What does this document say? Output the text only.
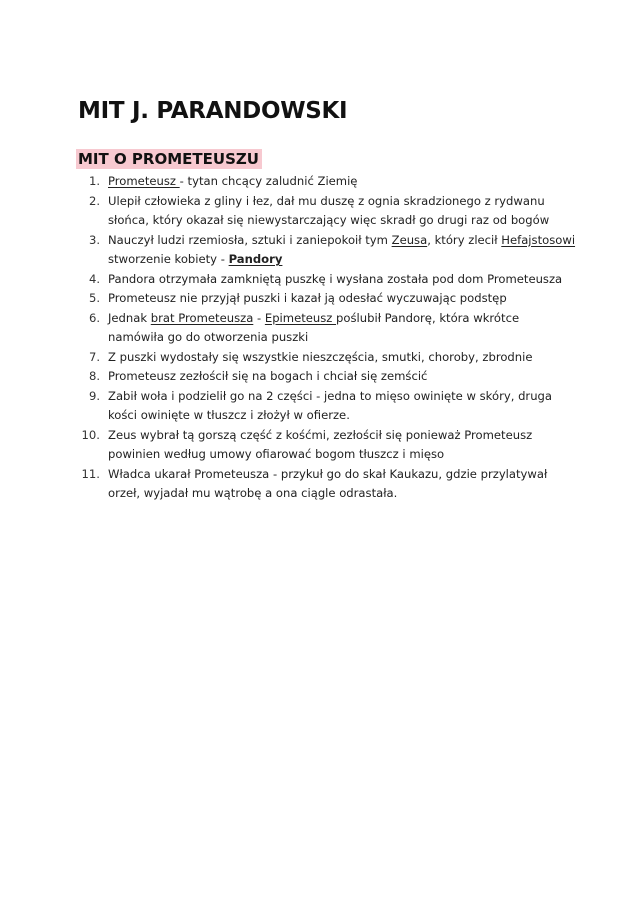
MIT J. PARANDOWSKI
MIT O PROMETEUSZU
1. Prometeusz - tytan chcący zaludnić Ziemię
2. Ulepił człowieka z gliny i łez, dał mu duszę z ognia skradzionego z rydwanu słońca, który okazał się niewystarczający więc skradł go drugi raz od bogów
3. Nauczył ludzi rzemiosła, sztuki i zaniepokoił tym Zeusa, który zlecił Hefajstosowi stworzenie kobiety - Pandory
4. Pandora otrzymała zamkniętą puszkę i wysłana została pod dom Prometeusza
5. Prometeusz nie przyjął puszki i kazał ją odesłać wyczuwając podstęp
6. Jednak brat Prometeusza - Epimeteusz poślubił Pandorę, która wkrótce namówiła go do otworzenia puszki
7. Z puszki wydostały się wszystkie nieszczęścia, smutki, choroby, zbrodnie
8. Prometeusz zezłościł się na bogach i chciał się zemścić
9. Zabił woła i podzielił go na 2 części - jedna to mięso owinięte w skóry, druga kości owinięte w tłuszcz i złożył w ofierze.
10. Zeus wybrał tą gorszą część z kośćmi, zezłościł się ponieważ Prometeusz powinien według umowy ofiarować bogom tłuszcz i mięso
11. Władca ukarał Prometeusza - przykuł go do skał Kaukazu, gdzie przylatywał orzeł, wyjadał mu wątrobę a ona ciągle odrastała.
